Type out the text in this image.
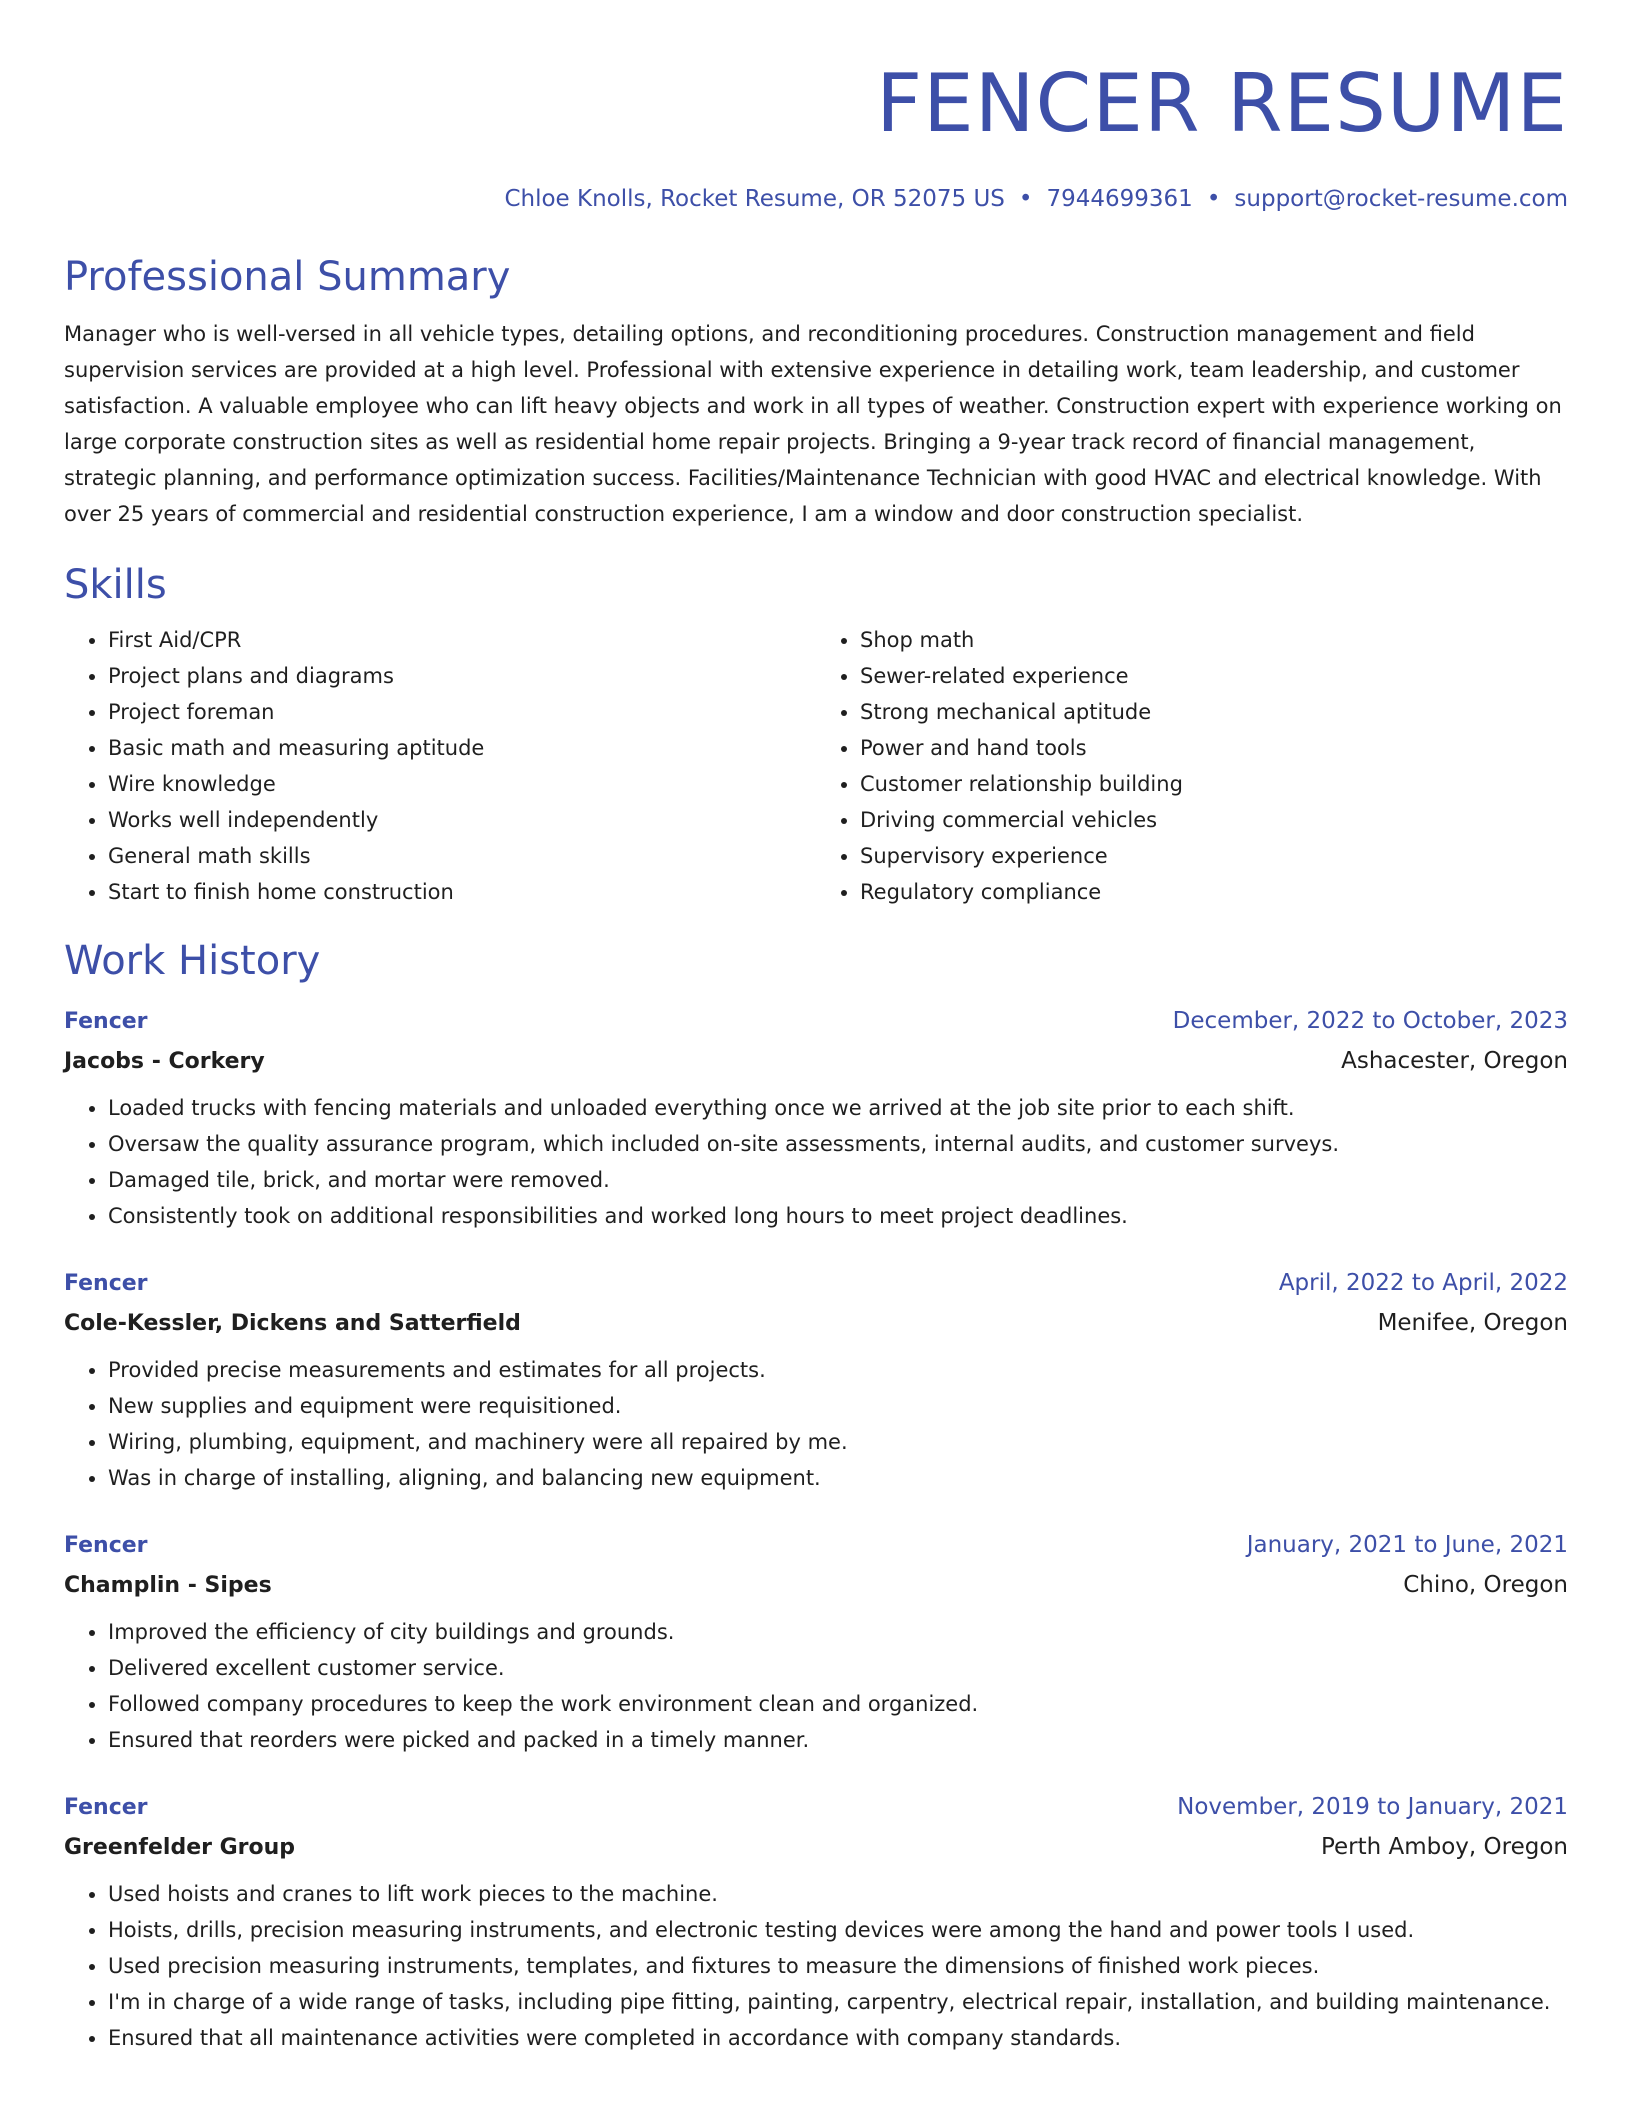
FENCER RESUME
Chloe Knolls, Rocket Resume, OR 52075 US • 7944699361 • support@rocket-resume.com
Professional Summary
Manager who is well-versed in all vehicle types, detailing options, and reconditioning procedures. Construction management and field supervision services are provided at a high level. Professional with extensive experience in detailing work, team leadership, and customer satisfaction. A valuable employee who can lift heavy objects and work in all types of weather. Construction expert with experience working on large corporate construction sites as well as residential home repair projects. Bringing a 9-year track record of financial management, strategic planning, and performance optimization success. Facilities/Maintenance Technician with good HVAC and electrical knowledge. With over 25 years of commercial and residential construction experience, I am a window and door construction specialist.
Skills
• First Aid/CPR
• Project plans and diagrams
• Project foreman
• Basic math and measuring aptitude
• Wire knowledge
• Works well independently
• General math skills
• Start to finish home construction
• Shop math
• Sewer-related experience
• Strong mechanical aptitude
• Power and hand tools
• Customer relationship building
• Driving commercial vehicles
• Supervisory experience
• Regulatory compliance
Work History
Fencer	December, 2022 to October, 2023
Jacobs - Corkery	Ashacester, Oregon
• Loaded trucks with fencing materials and unloaded everything once we arrived at the job site prior to each shift.
• Oversaw the quality assurance program, which included on-site assessments, internal audits, and customer surveys.
• Damaged tile, brick, and mortar were removed.
• Consistently took on additional responsibilities and worked long hours to meet project deadlines.
Fencer	April, 2022 to April, 2022
Cole-Kessler, Dickens and Satterfield	Menifee, Oregon
• Provided precise measurements and estimates for all projects.
• New supplies and equipment were requisitioned.
• Wiring, plumbing, equipment, and machinery were all repaired by me.
• Was in charge of installing, aligning, and balancing new equipment.
Fencer	January, 2021 to June, 2021
Champlin - Sipes	Chino, Oregon
• Improved the efficiency of city buildings and grounds.
• Delivered excellent customer service.
• Followed company procedures to keep the work environment clean and organized.
• Ensured that reorders were picked and packed in a timely manner.
Fencer	November, 2019 to January, 2021
Greenfelder Group	Perth Amboy, Oregon
• Used hoists and cranes to lift work pieces to the machine.
• Hoists, drills, precision measuring instruments, and electronic testing devices were among the hand and power tools I used.
• Used precision measuring instruments, templates, and fixtures to measure the dimensions of finished work pieces.
• I'm in charge of a wide range of tasks, including pipe fitting, painting, carpentry, electrical repair, installation, and building maintenance.
• Ensured that all maintenance activities were completed in accordance with company standards.
